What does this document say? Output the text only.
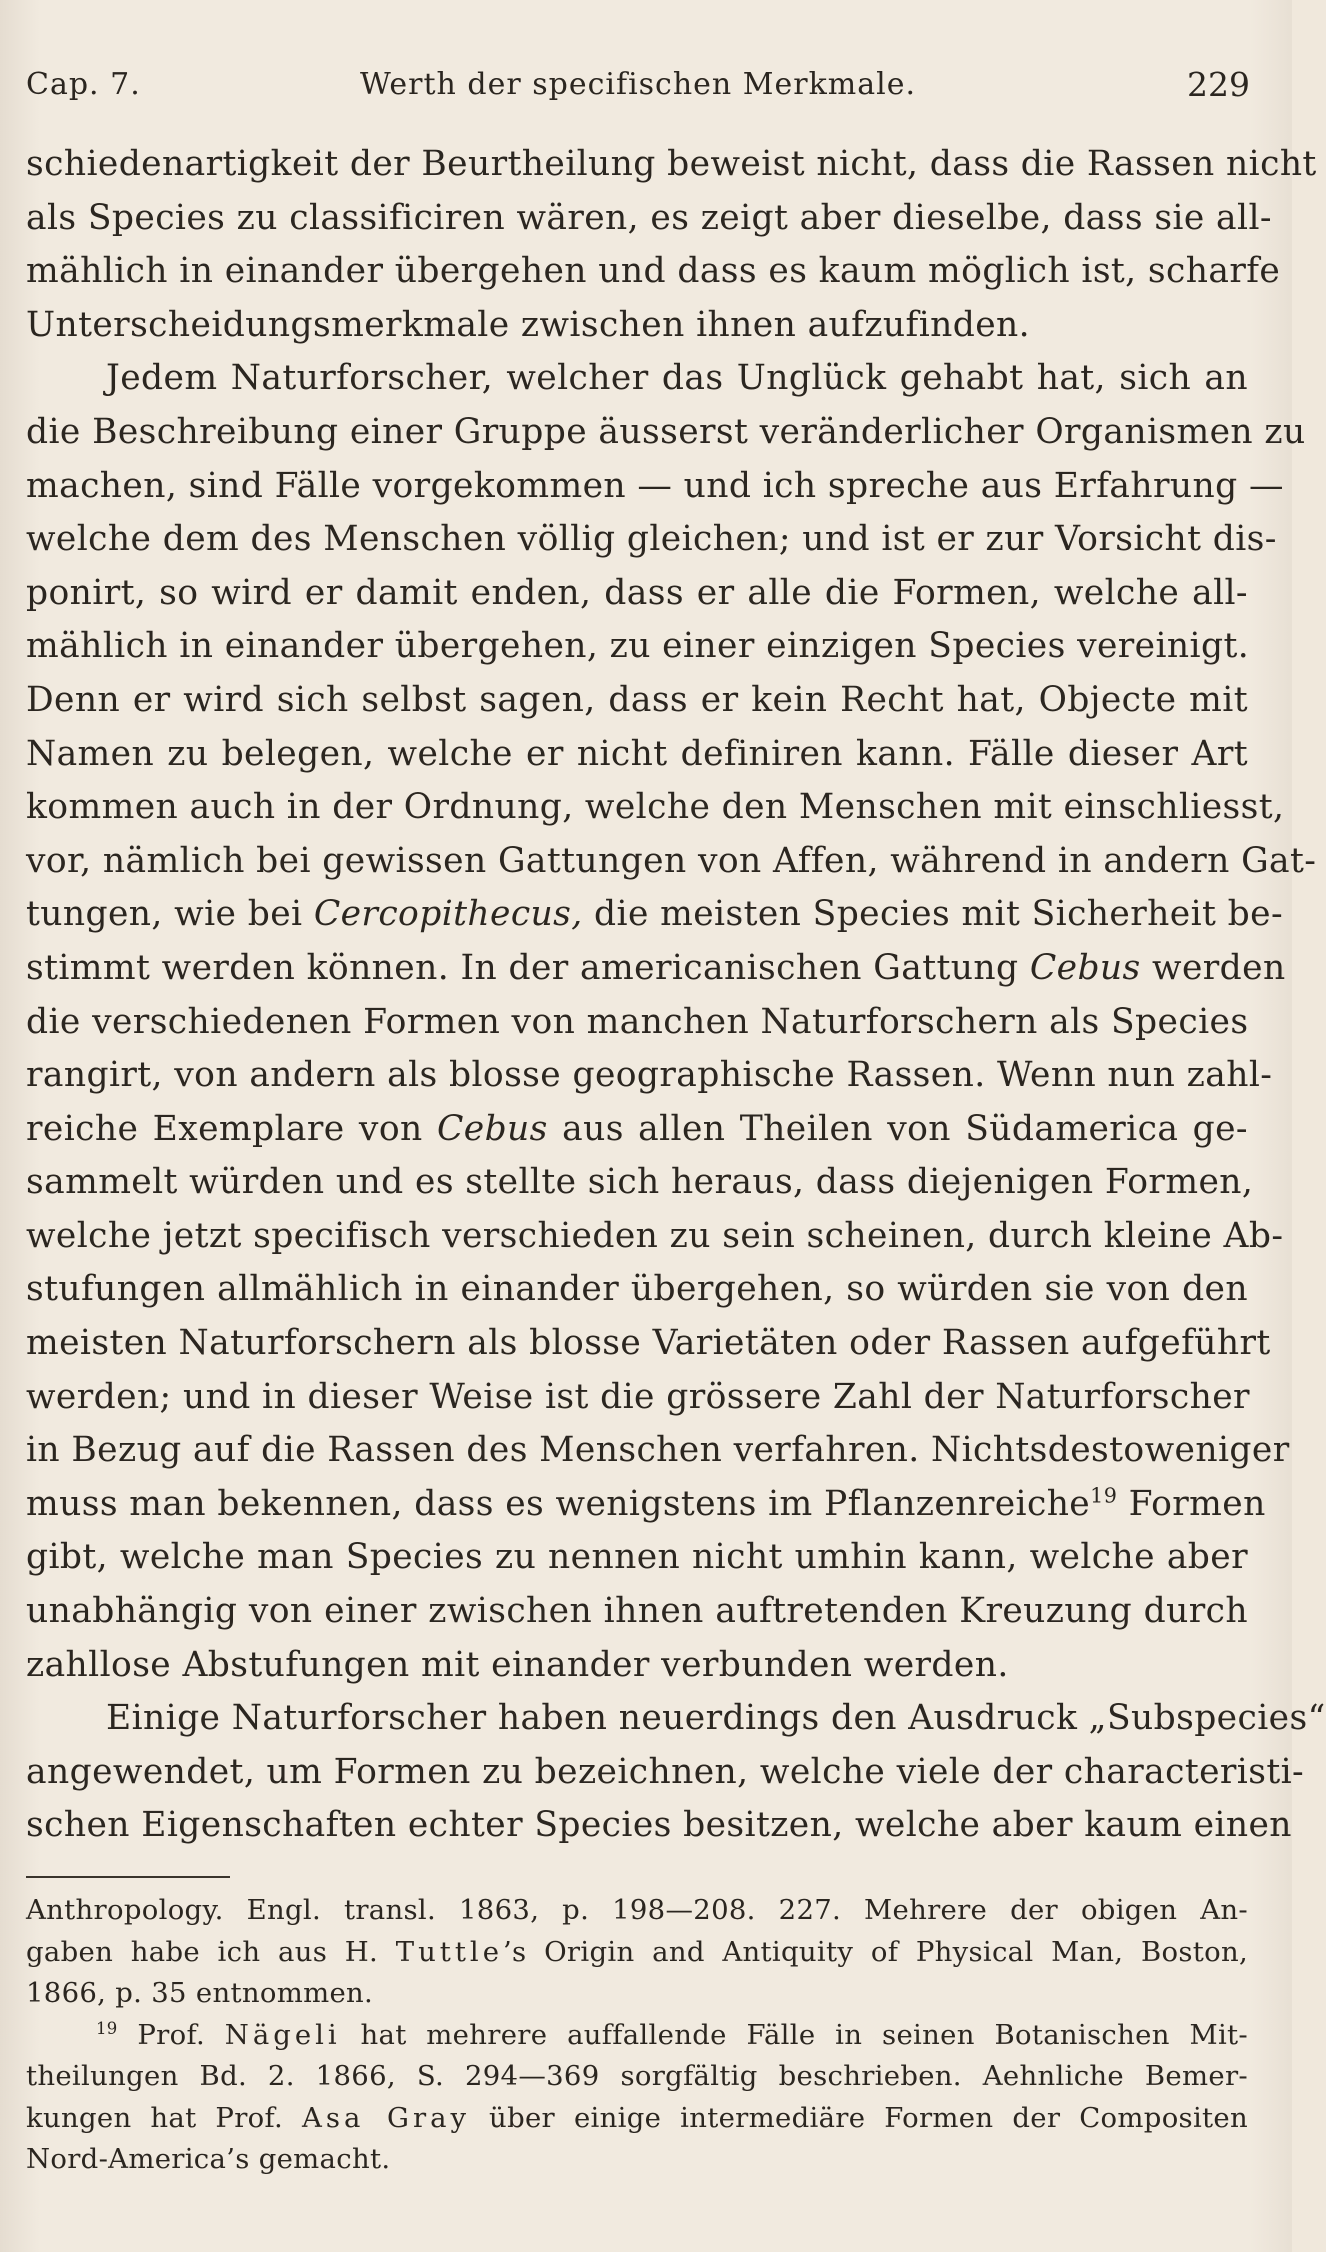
Cap. 7.	Werth der specifischen Merkmale.	229

schiedenartigkeit der Beurtheilung beweist nicht, dass die Rassen nicht
als Species zu classificiren wären, es zeigt aber dieselbe, dass sie all-
mählich in einander übergehen und dass es kaum möglich ist, scharfe
Unterscheidungsmerkmale zwischen ihnen aufzufinden.

Jedem Naturforscher, welcher das Unglück gehabt hat, sich an
die Beschreibung einer Gruppe äusserst veränderlicher Organismen zu
machen, sind Fälle vorgekommen — und ich spreche aus Erfahrung —
welche dem des Menschen völlig gleichen; und ist er zur Vorsicht dis-
ponirt, so wird er damit enden, dass er alle die Formen, welche all-
mählich in einander übergehen, zu einer einzigen Species vereinigt.
Denn er wird sich selbst sagen, dass er kein Recht hat, Objecte mit
Namen zu belegen, welche er nicht definiren kann. Fälle dieser Art
kommen auch in der Ordnung, welche den Menschen mit einschliesst,
vor, nämlich bei gewissen Gattungen von Affen, während in andern Gat-
tungen, wie bei Cercopithecus, die meisten Species mit Sicherheit be-
stimmt werden können. In der americanischen Gattung Cebus werden
die verschiedenen Formen von manchen Naturforschern als Species
rangirt, von andern als blosse geographische Rassen. Wenn nun zahl-
reiche Exemplare von Cebus aus allen Theilen von Südamerica ge-
sammelt würden und es stellte sich heraus, dass diejenigen Formen,
welche jetzt specifisch verschieden zu sein scheinen, durch kleine Ab-
stufungen allmählich in einander übergehen, so würden sie von den
meisten Naturforschern als blosse Varietäten oder Rassen aufgeführt
werden; und in dieser Weise ist die grössere Zahl der Naturforscher
in Bezug auf die Rassen des Menschen verfahren. Nichtsdestoweniger
muss man bekennen, dass es wenigstens im Pflanzenreiche$^{19}$ Formen
gibt, welche man Species zu nennen nicht umhin kann, welche aber
unabhängig von einer zwischen ihnen auftretenden Kreuzung durch
zahllose Abstufungen mit einander verbunden werden.

Einige Naturforscher haben neuerdings den Ausdruck „Subspecies“
angewendet, um Formen zu bezeichnen, welche viele der characteristi-
schen Eigenschaften echter Species besitzen, welche aber kaum einen

Anthropology. Engl. transl. 1863, p. 198—208. 227. Mehrere der obigen An-
gaben habe ich aus H. Tuttle’s Origin and Antiquity of Physical Man, Boston,
1866, p. 35 entnommen.
$^{19}$ Prof. Nägeli hat mehrere auffallende Fälle in seinen Botanischen Mit-
theilungen Bd. 2. 1866, S. 294—369 sorgfältig beschrieben. Aehnliche Bemer-
kungen hat Prof. Asa Gray über einige intermediäre Formen der Compositen
Nord-America’s gemacht.
